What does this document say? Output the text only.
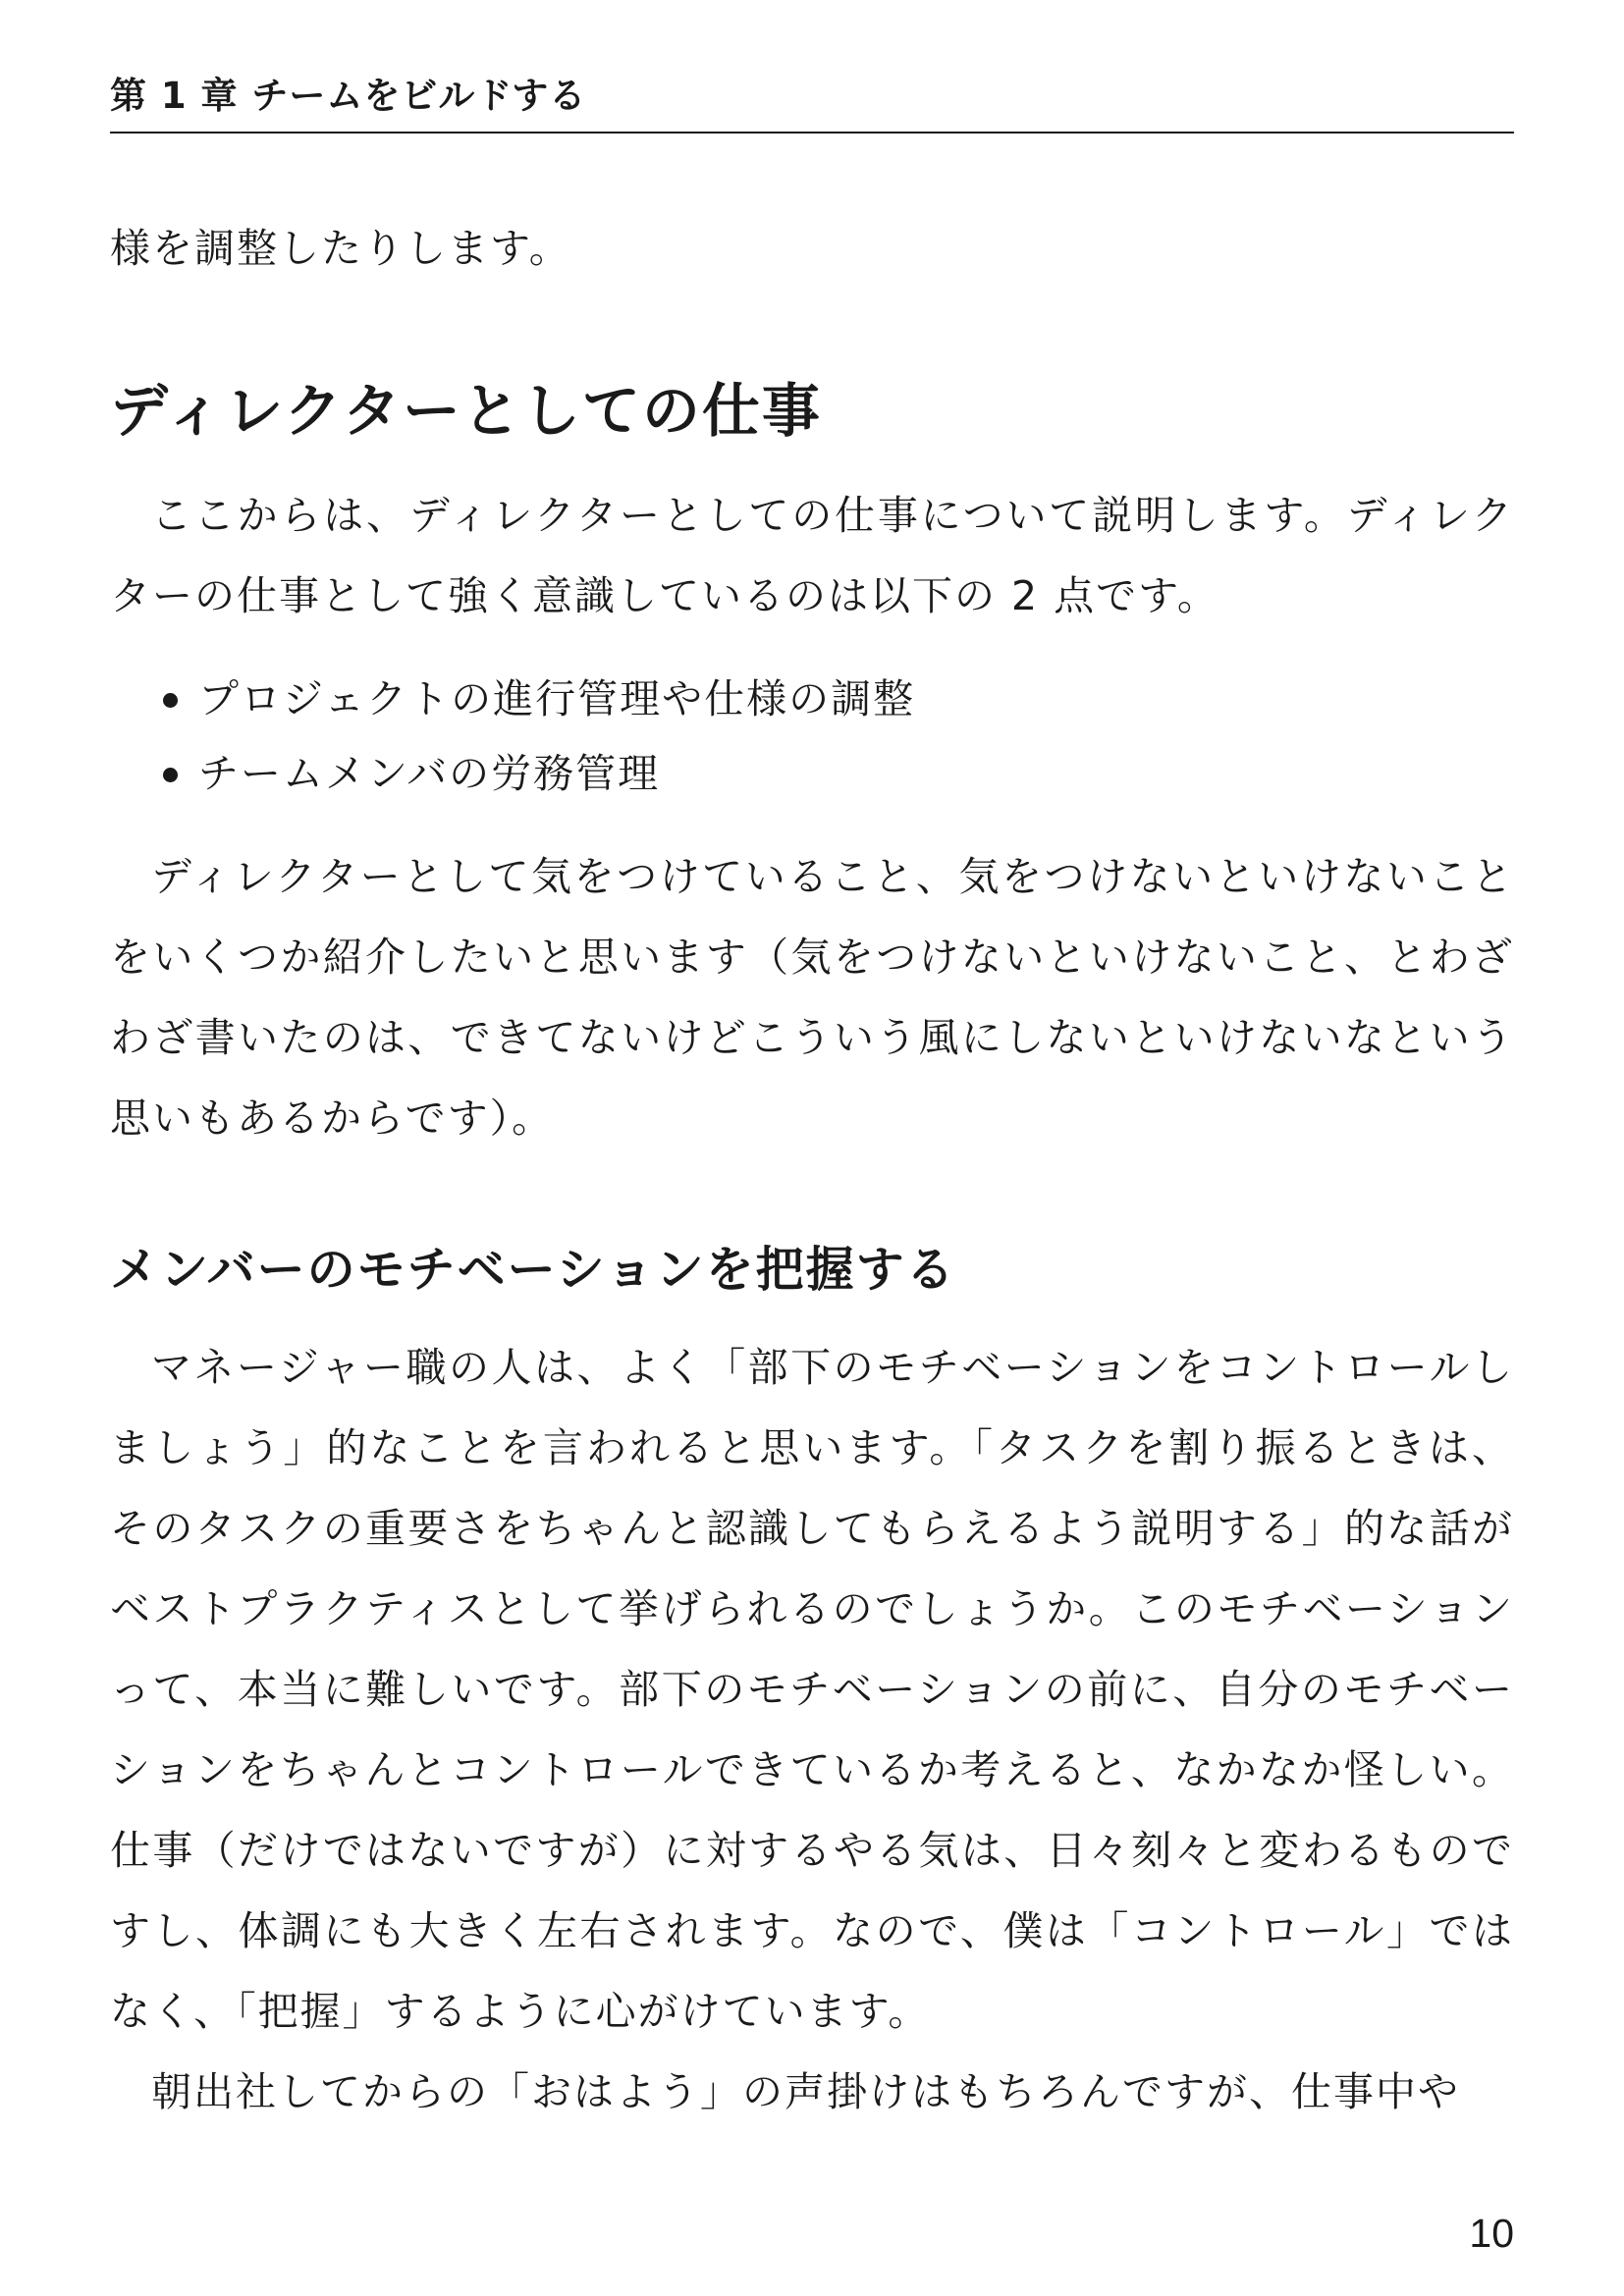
第 1 章 チームをビルドする

様を調整したりします。

ディレクターとしての仕事

ここからは、ディレクターとしての仕事について説明します。ディレクターの仕事として強く意識しているのは以下の 2 点です。

プロジェクトの進行管理や仕様の調整
チームメンバの労務管理

ディレクターとして気をつけていること、気をつけないといけないことをいくつか紹介したいと思います（気をつけないといけないこと、とわざわざ書いたのは、できてないけどこういう風にしないといけないなという思いもあるからです）。

メンバーのモチベーションを把握する

マネージャー職の人は、よく「部下のモチベーションをコントロールしましょう」的なことを言われると思います。「タスクを割り振るときは、そのタスクの重要さをちゃんと認識してもらえるよう説明する」的な話がベストプラクティスとして挙げられるのでしょうか。このモチベーションって、本当に難しいです。部下のモチベーションの前に、自分のモチベーションをちゃんとコントロールできているか考えると、なかなか怪しい。仕事（だけではないですが）に対するやる気は、日々刻々と変わるものですし、体調にも大きく左右されます。なので、僕は「コントロール」ではなく、「把握」するように心がけています。

朝出社してからの「おはよう」の声掛けはもちろんですが、仕事中や

10
